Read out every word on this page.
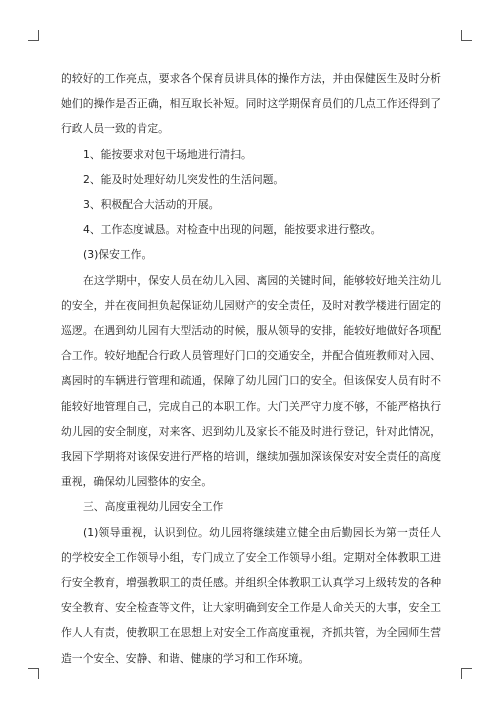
的较好的工作亮点，要求各个保育员讲具体的操作方法，并由保健医生及时分析她们的操作是否正确，相互取长补短。同时这学期保育员们的几点工作还得到了行政人员一致的肯定。

1、能按要求对包干场地进行清扫。

2、能及时处理好幼儿突发性的生活问题。

3、积极配合大活动的开展。

4、工作态度诚恳。对检查中出现的问题，能按要求进行整改。

(3)保安工作。

在这学期中，保安人员在幼儿入园、离园的关键时间，能够较好地关注幼儿的安全，并在夜间担负起保证幼儿园财产的安全责任，及时对教学楼进行固定的巡逻。在遇到幼儿园有大型活动的时候，服从领导的安排，能较好地做好各项配合工作。较好地配合行政人员管理好门口的交通安全，并配合值班教师对入园、离园时的车辆进行管理和疏通，保障了幼儿园门口的安全。但该保安人员有时不能较好地管理自己，完成自己的本职工作。大门关严守力度不够，不能严格执行幼儿园的安全制度，对来客、迟到幼儿及家长不能及时进行登记，针对此情况，我园下学期将对该保安进行严格的培训，继续加强加深该保安对安全责任的高度重视，确保幼儿园整体的安全。

三、高度重视幼儿园安全工作

(1)领导重视，认识到位。幼儿园将继续建立健全由后勤园长为第一责任人的学校安全工作领导小组，专门成立了安全工作领导小组。定期对全体教职工进行安全教育，增强教职工的责任感。并组织全体教职工认真学习上级转发的各种安全教育、安全检查等文件，让大家明确到安全工作是人命关天的大事，安全工作人人有责，使教职工在思想上对安全工作高度重视，齐抓共管，为全园师生营造一个安全、安静、和谐、健康的学习和工作环境。
